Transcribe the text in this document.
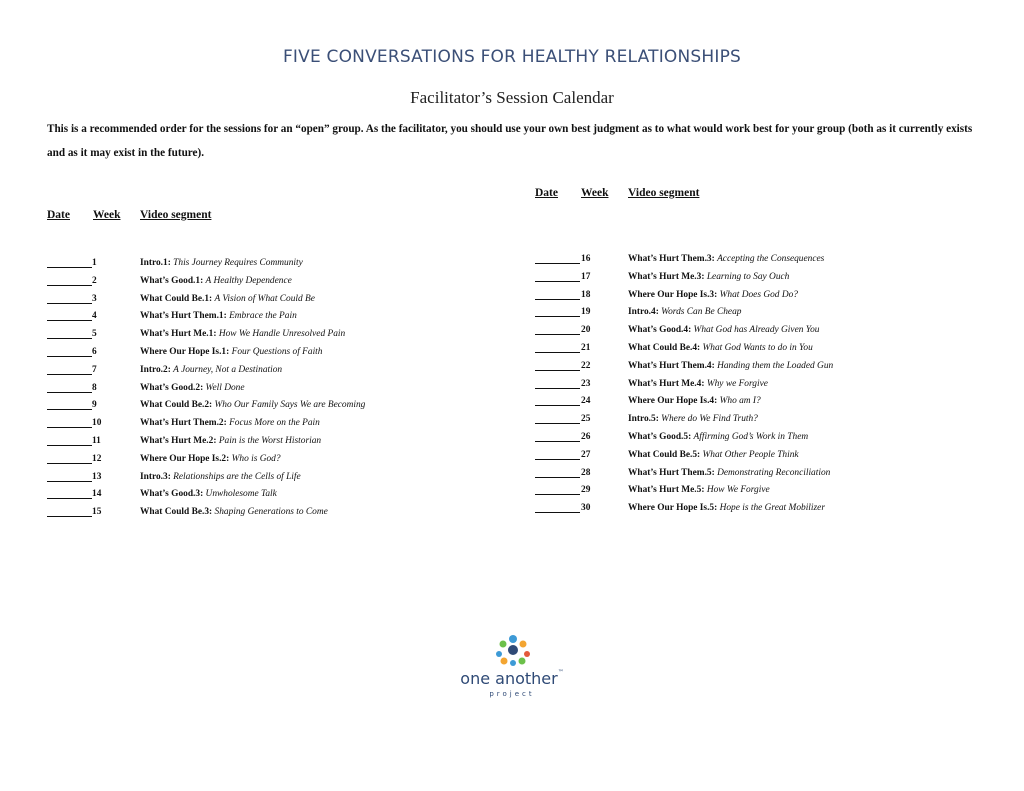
FIVE CONVERSATIONS FOR HEALTHY RELATIONSHIPS
Facilitator’s Session Calendar
This is a recommended order for the sessions for an “open” group. As the facilitator, you should use your own best judgment as to what would work best for your group (both as it currently exists and as it may exist in the future).
Date Week Video segment
Date Week Video segment
1	Intro.1: This Journey Requires Community
2	What’s Good.1: A Healthy Dependence
3	What Could Be.1: A Vision of What Could Be
4	What’s Hurt Them.1: Embrace the Pain
5	What’s Hurt Me.1: How We Handle Unresolved Pain
6	Where Our Hope Is.1: Four Questions of Faith
7	Intro.2: A Journey, Not a Destination
8	What’s Good.2: Well Done
9	What Could Be.2: Who Our Family Says We are Becoming
10	What’s Hurt Them.2: Focus More on the Pain
11	What’s Hurt Me.2: Pain is the Worst Historian
12	Where Our Hope Is.2: Who is God?
13	Intro.3: Relationships are the Cells of Life
14	What’s Good.3: Unwholesome Talk
15	What Could Be.3: Shaping Generations to Come
16	What’s Hurt Them.3: Accepting the Consequences
17	What’s Hurt Me.3: Learning to Say Ouch
18	Where Our Hope Is.3: What Does God Do?
19	Intro.4: Words Can Be Cheap
20	What’s Good.4: What God has Already Given You
21	What Could Be.4: What God Wants to do in You
22	What’s Hurt Them.4: Handing them the Loaded Gun
23	What’s Hurt Me.4: Why we Forgive
24	Where Our Hope Is.4: Who am I?
25	Intro.5: Where do We Find Truth?
26	What’s Good.5: Affirming God’s Work in Them
27	What Could Be.5: What Other People Think
28	What’s Hurt Them.5: Demonstrating Reconciliation
29	What’s Hurt Me.5: How We Forgive
30	Where Our Hope Is.5: Hope is the Great Mobilizer
one another™
project
